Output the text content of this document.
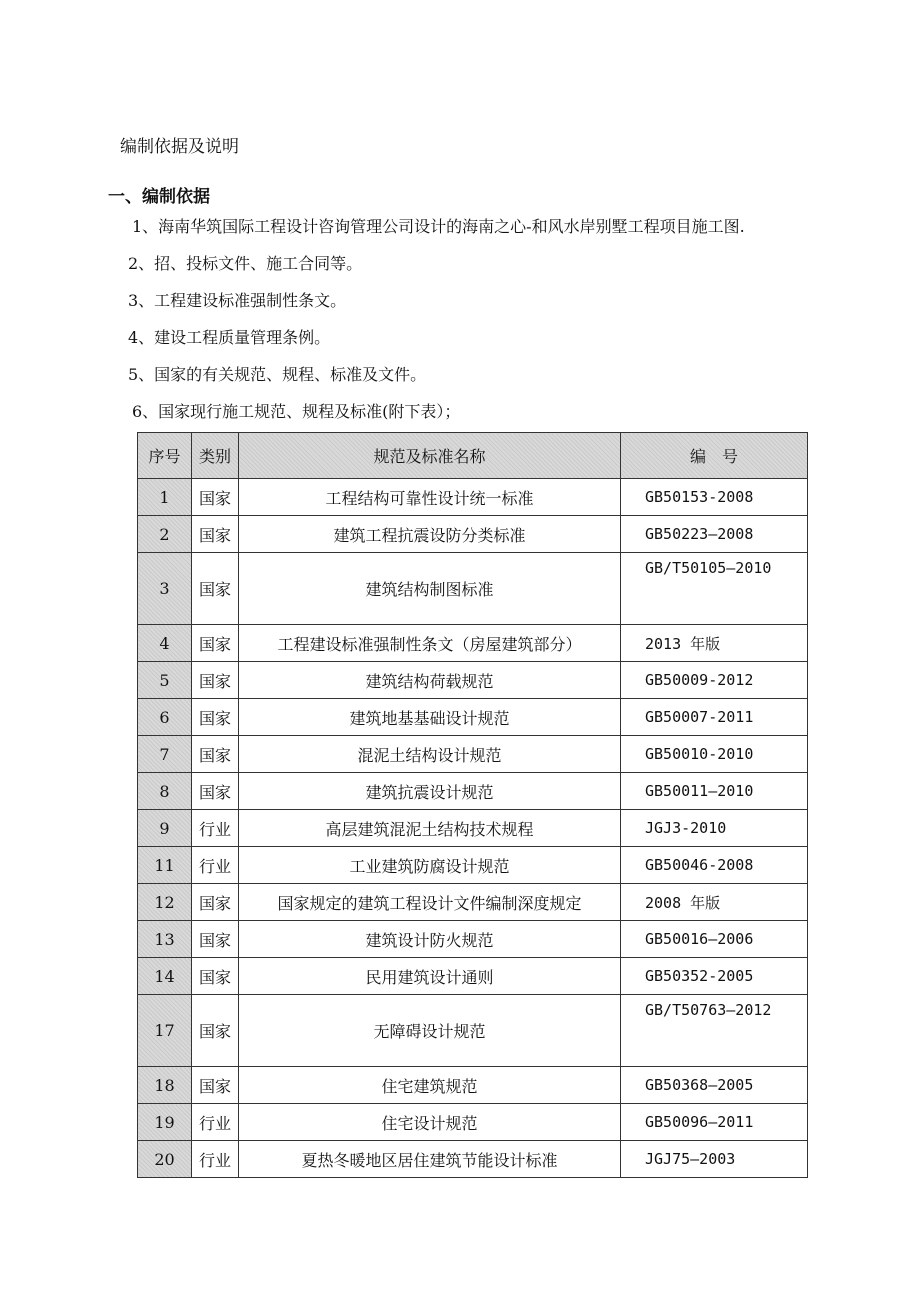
编制依据及说明
一、编制依据
1、海南华筑国际工程设计咨询管理公司设计的海南之心-和风水岸别墅工程项目施工图.
2、招、投标文件、施工合同等。
3、工程建设标准强制性条文。
4、建设工程质量管理条例。
5、国家的有关规范、规程、标准及文件。
6、国家现行施工规范、规程及标准(附下表）；
序号	类别	规范及标准名称	编　号
1	国家	工程结构可靠性设计统一标准	GB50153-2008
2	国家	建筑工程抗震设防分类标准	GB50223—2008
3	国家	建筑结构制图标准	GB/T50105—2010

4	国家	工程建设标准强制性条文（房屋建筑部分）	2013 年版
5	国家	建筑结构荷载规范	GB50009-2012
6	国家	建筑地基基础设计规范	GB50007-2011
7	国家	混泥土结构设计规范	GB50010-2010
8	国家	建筑抗震设计规范	GB50011—2010
9	行业	高层建筑混泥土结构技术规程	JGJ3-2010
11	行业	工业建筑防腐设计规范	GB50046-2008
12	国家	国家规定的建筑工程设计文件编制深度规定	2008 年版
13	国家	建筑设计防火规范	GB50016—2006
14	国家	民用建筑设计通则	GB50352-2005
17	国家	无障碍设计规范	GB/T50763—2012

18	国家	住宅建筑规范	GB50368—2005
19	行业	住宅设计规范	GB50096—2011
20	行业	夏热冬暖地区居住建筑节能设计标准	JGJ75—2003
